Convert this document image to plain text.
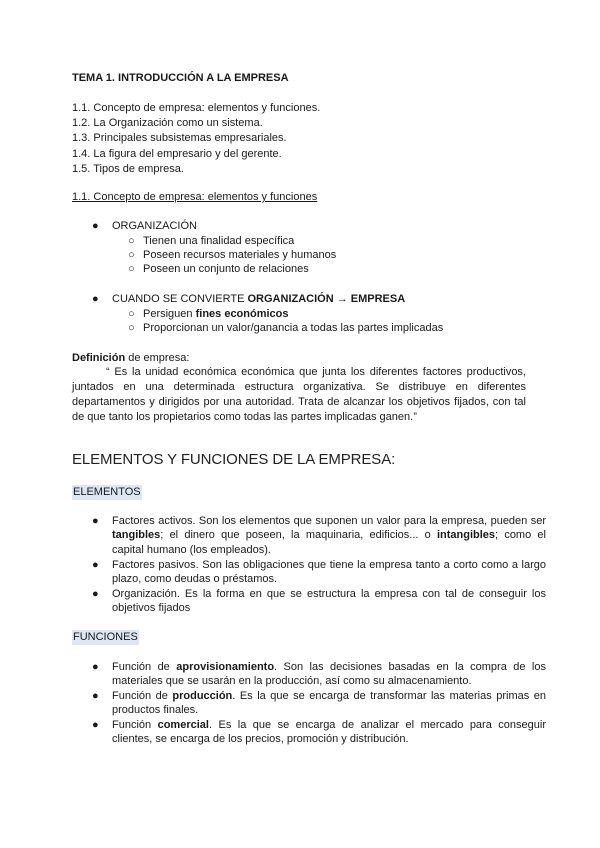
TEMA 1. INTRODUCCIÓN A LA EMPRESA
1.1. Concepto de empresa: elementos y funciones.
1.2. La Organización como un sistema.
1.3. Principales subsistemas empresariales.
1.4. La figura del empresario y del gerente.
1.5. Tipos de empresa.
1.1. Concepto de empresa: elementos y funciones
● ORGANIZACIÓN
○ Tienen una finalidad específica
○ Poseen recursos materiales y humanos
○ Poseen un conjunto de relaciones
● CUANDO SE CONVIERTE ORGANIZACIÓN → EMPRESA
○ Persiguen fines económicos
○ Proporcionan un valor/ganancia a todas las partes implicadas
Definición de empresa:
“ Es la unidad económica económica que junta los diferentes factores productivos, juntados en una determinada estructura organizativa. Se distribuye en diferentes departamentos y dirigidos por una autoridad. Trata de alcanzar los objetivos fijados, con tal de que tanto los propietarios como todas las partes implicadas ganen.”
ELEMENTOS Y FUNCIONES DE LA EMPRESA:
ELEMENTOS
● Factores activos. Son los elementos que suponen un valor para la empresa, pueden ser tangibles; el dinero que poseen, la maquinaria, edificios... o intangibles; como el capital humano (los empleados).
● Factores pasivos. Son las obligaciones que tiene la empresa tanto a corto como a largo plazo, como deudas o préstamos.
● Organización. Es la forma en que se estructura la empresa con tal de conseguir los objetivos fijados
FUNCIONES
● Función de aprovisionamiento. Son las decisiones basadas en la compra de los materiales que se usarán en la producción, así como su almacenamiento.
● Función de producción. Es la que se encarga de transformar las materias primas en productos finales.
● Función comercial. Es la que se encarga de analizar el mercado para conseguir clientes, se encarga de los precios, promoción y distribución.
